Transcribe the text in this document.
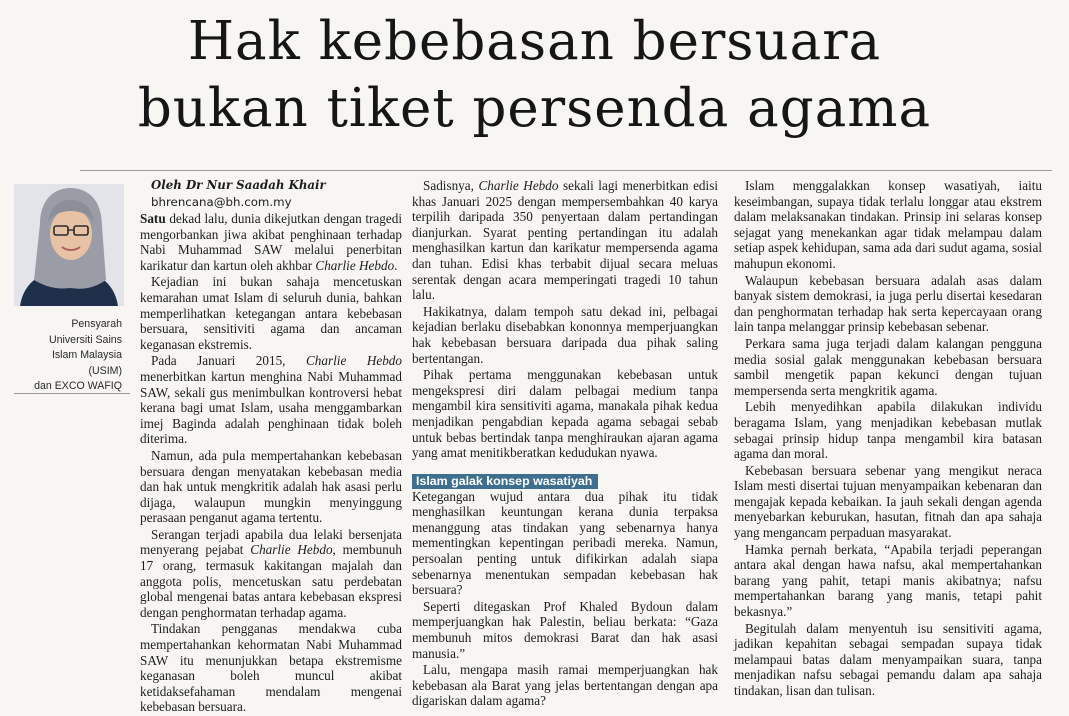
Hak kebebasan bersuara
bukan tiket persenda agama
Pensyarah
Universiti Sains
Islam Malaysia
(USIM)
dan EXCO WAFIQ

Oleh Dr Nur Saadah Khair

bhrencana@bh.com.my

Satu dekad lalu, dunia dikejutkan dengan tragedi mengorbankan jiwa akibat penghinaan terhadap Nabi Muhammad SAW melalui penerbitan karikatur dan kartun oleh akhbar Charlie Hebdo.

Kejadian ini bukan sahaja mencetuskan kemarahan umat Islam di seluruh dunia, bahkan memperlihatkan ketegangan antara kebebasan bersuara, sensitiviti agama dan ancaman keganasan ekstremis.

Pada Januari 2015, Charlie Hebdo menerbitkan kartun menghina Nabi Muhammad SAW, sekali gus menimbulkan kontroversi hebat kerana bagi umat Islam, usaha menggambarkan imej Baginda adalah penghinaan tidak boleh diterima.

Namun, ada pula mempertahankan kebebasan bersuara dengan menyatakan kebebasan media dan hak untuk mengkritik adalah hak asasi perlu dijaga, walaupun mungkin menyinggung perasaan penganut agama tertentu.

Serangan terjadi apabila dua lelaki bersenjata menyerang pejabat Charlie Hebdo, membunuh 17 orang, termasuk kakitangan majalah dan anggota polis, mencetuskan satu perdebatan global mengenai batas antara kebebasan ekspresi dengan penghormatan terhadap agama.

Tindakan pengganas mendakwa cuba mempertahankan kehormatan Nabi Muhammad SAW itu menunjukkan betapa ekstremisme keganasan boleh muncul akibat ketidaksefahaman mendalam mengenai kebebasan bersuara.

Sadisnya, Charlie Hebdo sekali lagi menerbitkan edisi khas Januari 2025 dengan mempersembahkan 40 karya terpilih daripada 350 penyertaan dalam pertandingan dianjurkan. Syarat penting pertandingan itu adalah menghasilkan kartun dan karikatur mempersenda agama dan tuhan. Edisi khas terbabit dijual secara meluas serentak dengan acara memperingati tragedi 10 tahun lalu.

Hakikatnya, dalam tempoh satu dekad ini, pelbagai kejadian berlaku disebabkan kononnya memperjuangkan hak kebebasan bersuara daripada dua pihak saling bertentangan.

Pihak pertama menggunakan kebebasan untuk mengekspresi diri dalam pelbagai medium tanpa mengambil kira sensitiviti agama, manakala pihak kedua menjadikan pengabdian kepada agama sebagai sebab untuk bebas bertindak tanpa menghiraukan ajaran agama yang amat menitikberatkan kedudukan nyawa.

Islam galak konsep wasatiyah

Ketegangan wujud antara dua pihak itu tidak menghasilkan keuntungan kerana dunia terpaksa menanggung atas tindakan yang sebenarnya hanya mementingkan kepentingan peribadi mereka. Namun, persoalan penting untuk difikirkan adalah siapa sebenarnya menentukan sempadan kebebasan hak bersuara?

Seperti ditegaskan Prof Khaled Bydoun dalam memperjuangkan hak Palestin, beliau berkata: “Gaza membunuh mitos demokrasi Barat dan hak asasi manusia.”

Lalu, mengapa masih ramai memperjuangkan hak kebebasan ala Barat yang jelas bertentangan dengan apa digariskan dalam agama?

Islam menggalakkan konsep wasatiyah, iaitu keseimbangan, supaya tidak terlalu longgar atau ekstrem dalam melaksanakan tindakan. Prinsip ini selaras konsep sejagat yang menekankan agar tidak melampau dalam setiap aspek kehidupan, sama ada dari sudut agama, sosial mahupun ekonomi.

Walaupun kebebasan bersuara adalah asas dalam banyak sistem demokrasi, ia juga perlu disertai kesedaran dan penghormatan terhadap hak serta kepercayaan orang lain tanpa melanggar prinsip kebebasan sebenar.

Perkara sama juga terjadi dalam kalangan pengguna media sosial galak menggunakan kebebasan bersuara sambil mengetik papan kekunci dengan tujuan mempersenda serta mengkritik agama.

Lebih menyedihkan apabila dilakukan individu beragama Islam, yang menjadikan kebebasan mutlak sebagai prinsip hidup tanpa mengambil kira batasan agama dan moral.

Kebebasan bersuara sebenar yang mengikut neraca Islam mesti disertai tujuan menyampaikan kebenaran dan mengajak kepada kebaikan. Ia jauh sekali dengan agenda menyebarkan keburukan, hasutan, fitnah dan apa sahaja yang mengancam perpaduan masyarakat.

Hamka pernah berkata, “Apabila terjadi peperangan antara akal dengan hawa nafsu, akal mempertahankan barang yang pahit, tetapi manis akibatnya; nafsu mempertahankan barang yang manis, tetapi pahit bekasnya.”

Begitulah dalam menyentuh isu sensitiviti agama, jadikan kepahitan sebagai sempadan supaya tidak melampaui batas dalam menyampaikan suara, tanpa menjadikan nafsu sebagai pemandu dalam apa sahaja tindakan, lisan dan tulisan.
